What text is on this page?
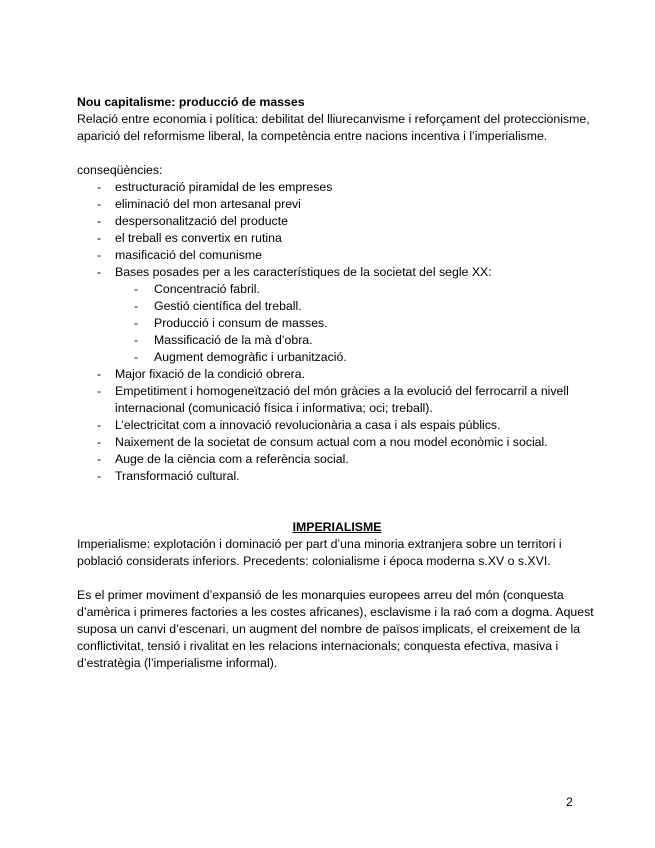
Nou capitalisme: producció de masses

Relació entre economia i política: debilitat del lliurecanvisme i reforçament del proteccionisme, aparició del reformisme liberal, la competència entre nacions incentiva i l’imperialisme.

conseqüències:

- estructuració piramidal de les empreses
- eliminació del mon artesanal previ
- despersonalització del producte
- el treball es convertix en rutina
- masificació del comunisme
- Bases posades per a les característiques de la societat del segle XX:
- Concentració fabril.
- Gestió científica del treball.
- Producció i consum de masses.
- Massificació de la mà d’obra.
- Augment demogràfic i urbanització.
- Major fixació de la condició obrera.
- Empetitiment i homogeneïtzació del món gràcies a la evolució del ferrocarril a nivell internacional (comunicació física i informativa; oci; treball).
- L’electricitat com a innovació revolucionària a casa i als espais públics.
- Naixement de la societat de consum actual com a nou model econòmic i social.
- Auge de la ciència com a referència social.
- Transformació cultural.

IMPERIALISME

Imperialisme: explotación i dominació per part d’una minoria extranjera sobre un territori i població considerats inferiors. Precedents: colonialisme i época moderna s.XV o s.XVI.

Es el primer moviment d’expansió de les monarquies europees arreu del món (conquesta d’amèrica i primeres factories a les costes africanes), esclavisme i la raó com a dogma. Aquest suposa un canvi d’escenari, un augment del nombre de països implicats, el creixement de la conflictivitat, tensió i rivalitat en les relacions internacionals; conquesta efectiva, masiva i d’estratègia (l’imperialisme informal).

2
